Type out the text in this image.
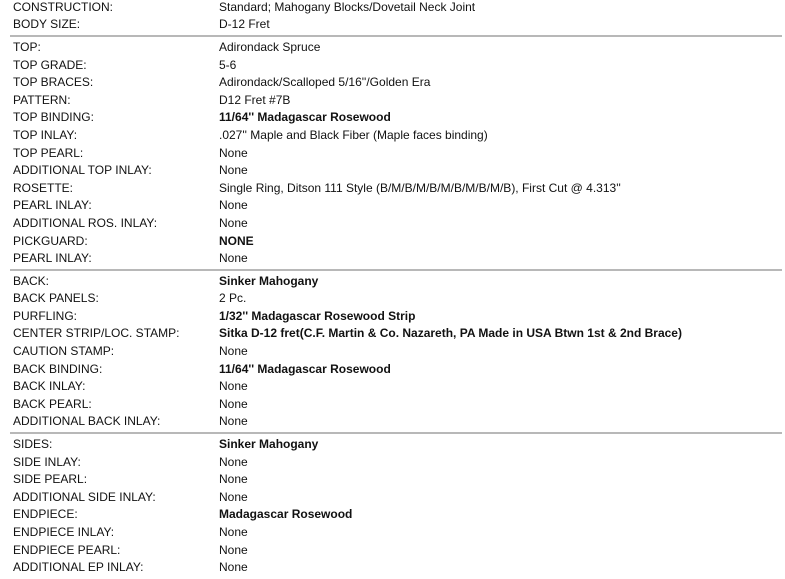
CONSTRUCTION:	Standard; Mahogany Blocks/Dovetail Neck Joint
BODY SIZE:	D-12 Fret
TOP:	Adirondack Spruce
TOP GRADE:	5-6
TOP BRACES:	Adirondack/Scalloped 5/16''/Golden Era
PATTERN:	D12 Fret #7B
TOP BINDING:	11/64'' Madagascar Rosewood
TOP INLAY:	.027'' Maple and Black Fiber (Maple faces binding)
TOP PEARL:	None
ADDITIONAL TOP INLAY:	None
ROSETTE:	Single Ring, Ditson 111 Style (B/M/B/M/B/M/B/M/B/M/B), First Cut @ 4.313''
PEARL INLAY:	None
ADDITIONAL ROS. INLAY:	None
PICKGUARD:	NONE
PEARL INLAY:	None
BACK:	Sinker Mahogany
BACK PANELS:	2 Pc.
PURFLING:	1/32'' Madagascar Rosewood Strip
CENTER STRIP/LOC. STAMP:	Sitka D-12 fret(C.F. Martin & Co. Nazareth, PA Made in USA Btwn 1st & 2nd Brace)
CAUTION STAMP:	None
BACK BINDING:	11/64'' Madagascar Rosewood
BACK INLAY:	None
BACK PEARL:	None
ADDITIONAL BACK INLAY:	None
SIDES:	Sinker Mahogany
SIDE INLAY:	None
SIDE PEARL:	None
ADDITIONAL SIDE INLAY:	None
ENDPIECE:	Madagascar Rosewood
ENDPIECE INLAY:	None
ENDPIECE PEARL:	None
ADDITIONAL EP INLAY:	None
